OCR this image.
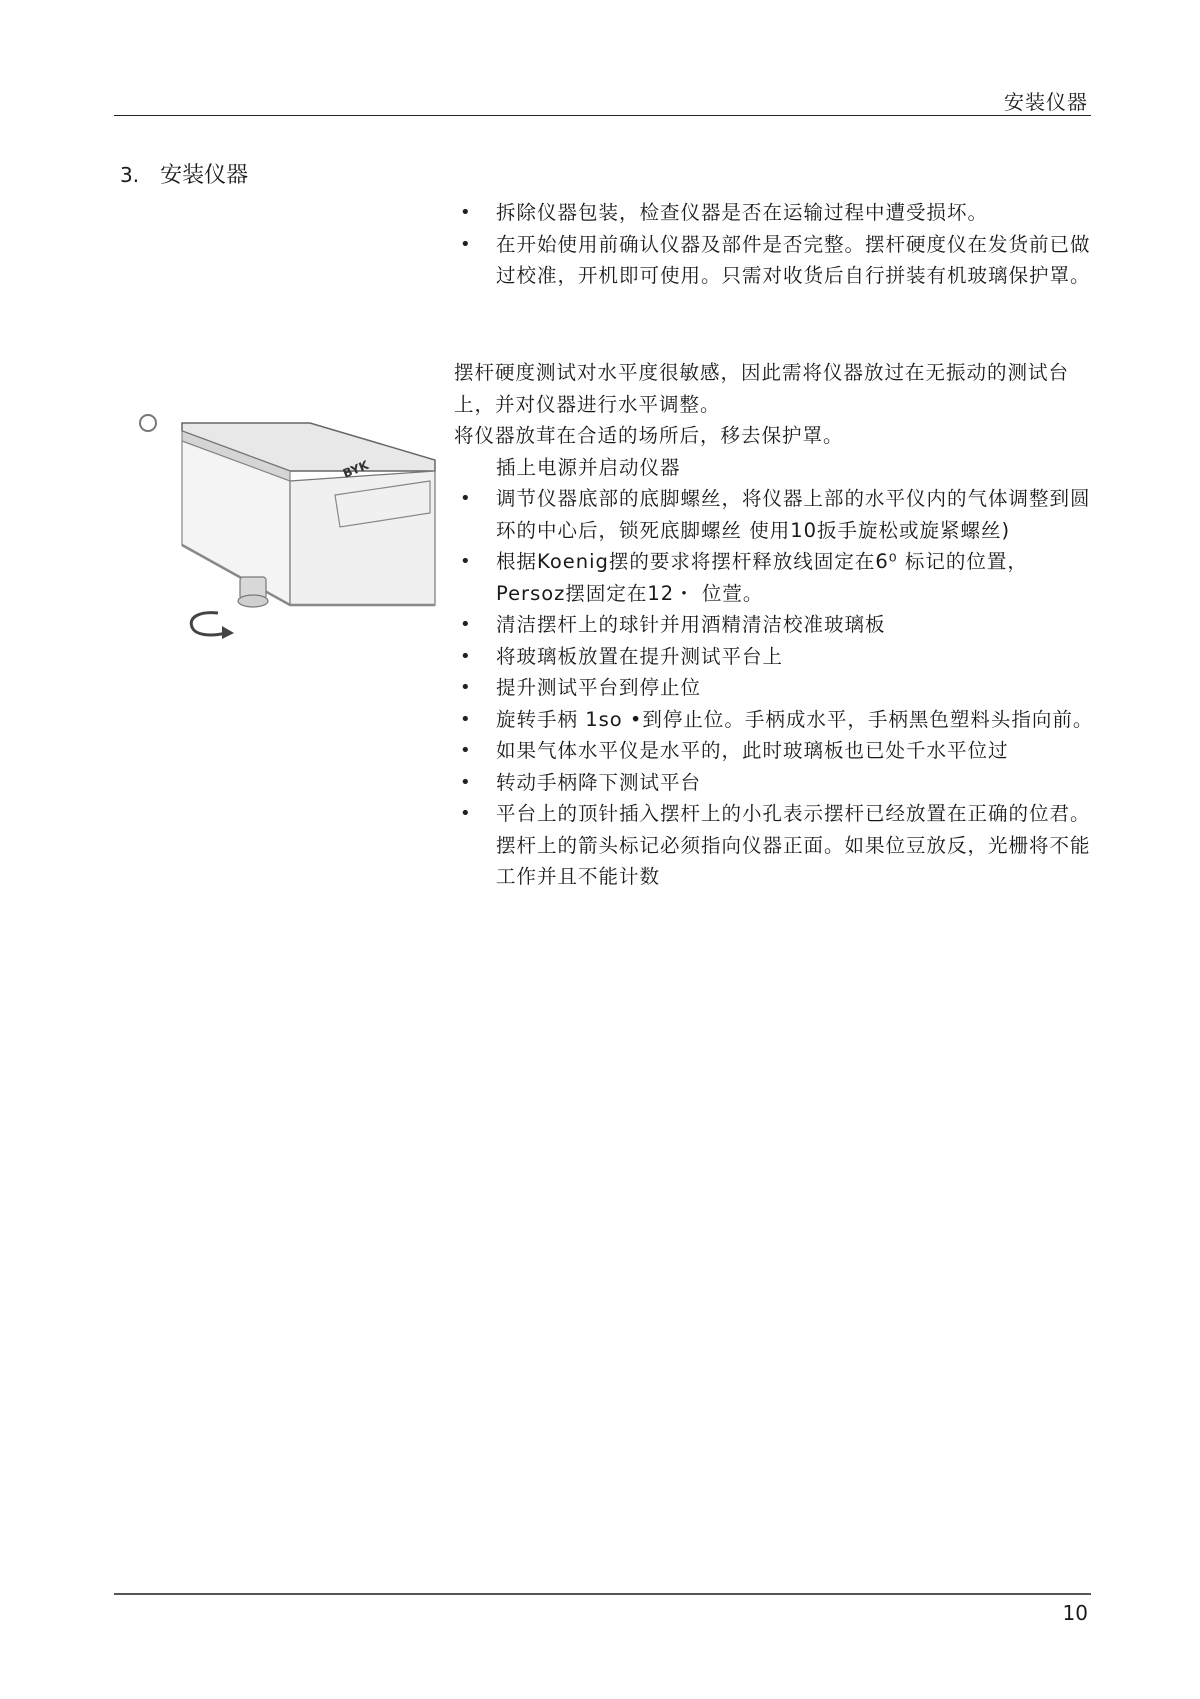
安装仪器
3. 安装仪器
• 拆除仪器包装，检查仪器是否在运输过程中遭受损坏。
• 在开始使用前确认仪器及部件是否完整。摆杆硬度仪在发货前已做过校准，开机即可使用。只需对收货后自行拼装有机玻璃保护罩。

摆杆硬度测试对水平度很敏感，因此需将仪器放过在无振动的测试台上，并对仪器进行水平调整。

将仪器放茸在合适的场所后，移去保护罩。

插上电源并启动仪器

• 调节仪器底部的底脚螺丝，将仪器上部的水平仪内的气体调整到圆环的中心后，锁死底脚螺丝 使用10扳手旋松或旋紧螺丝)
• 根据Koenig摆的要求将摆杆释放线固定在6⁰ 标记的位置，Persoz摆固定在12・ 位萱。
• 清洁摆杆上的球针并用酒精清洁校准玻璃板
• 将玻璃板放置在提升测试平台上
• 提升测试平台到停止位
• 旋转手柄 1so •到停止位。手柄成水平，手柄黑色塑料头指向前。
• 如果气体水平仪是水平的，此时玻璃板也已处千水平位过
• 转动手柄降下测试平台
• 平台上的顶针插入摆杆上的小孔表示摆杆已经放置在正确的位君。摆杆上的箭头标记必须指向仪器正面。如果位豆放反，光栅将不能工作并且不能计数
BYK
10
